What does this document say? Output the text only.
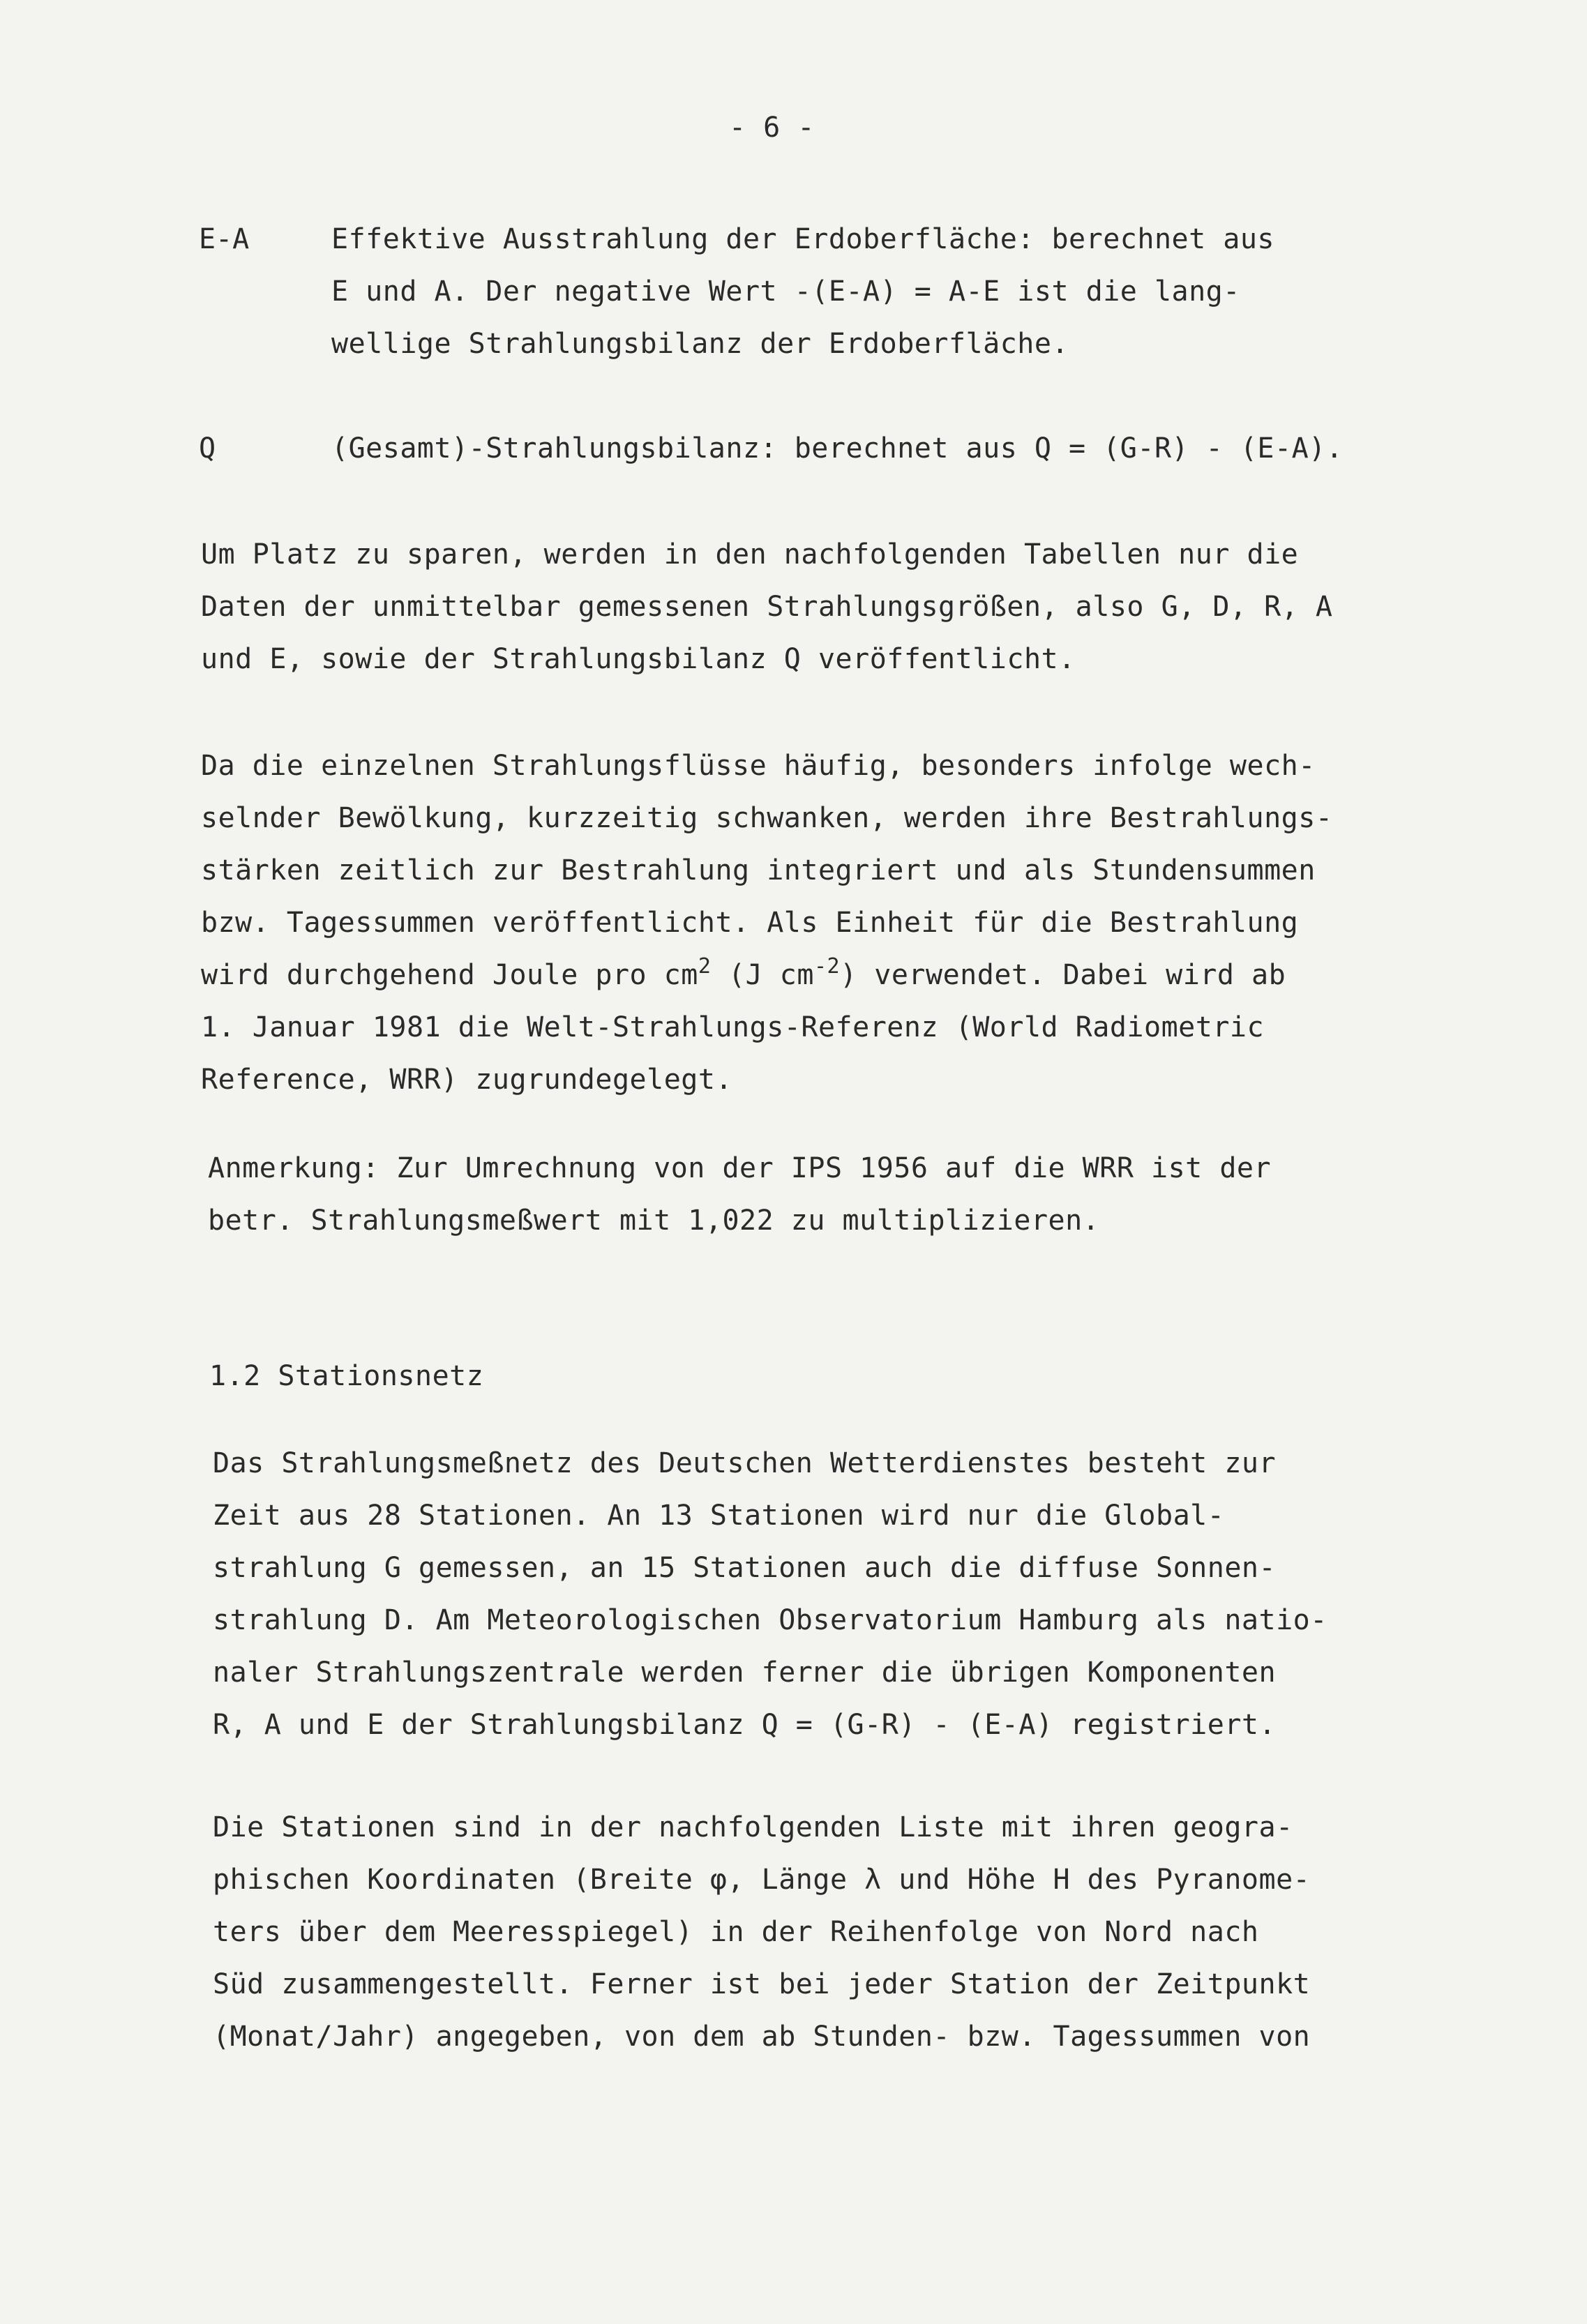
- 6 -
E-A	Effektive Ausstrahlung der Erdoberfläche: berechnet aus
E und A. Der negative Wert -(E-A) = A-E ist die lang-
wellige Strahlungsbilanz der Erdoberfläche.
Q	(Gesamt)-Strahlungsbilanz: berechnet aus Q = (G-R) - (E-A).
Um Platz zu sparen, werden in den nachfolgenden Tabellen nur die
Daten der unmittelbar gemessenen Strahlungsgrößen, also G, D, R, A
und E, sowie der Strahlungsbilanz Q veröffentlicht.
Da die einzelnen Strahlungsflüsse häufig, besonders infolge wech-
selnder Bewölkung, kurzzeitig schwanken, werden ihre Bestrahlungs-
stärken zeitlich zur Bestrahlung integriert und als Stundensummen
bzw. Tagessummen veröffentlicht. Als Einheit für die Bestrahlung
wird durchgehend Joule pro $cm^2$ (J $cm^{-2}$) verwendet. Dabei wird ab
1. Januar 1981 die Welt-Strahlungs-Referenz (World Radiometric
Reference, WRR) zugrundegelegt.
Anmerkung: Zur Umrechnung von der IPS 1956 auf die WRR ist der
betr. Strahlungsmeßwert mit 1,022 zu multiplizieren.
1.2 Stationsnetz
Das Strahlungsmeßnetz des Deutschen Wetterdienstes besteht zur
Zeit aus 28 Stationen. An 13 Stationen wird nur die Global-
strahlung G gemessen, an 15 Stationen auch die diffuse Sonnen-
strahlung D. Am Meteorologischen Observatorium Hamburg als natio-
naler Strahlungszentrale werden ferner die übrigen Komponenten
R, A und E der Strahlungsbilanz Q = (G-R) - (E-A) registriert.
Die Stationen sind in der nachfolgenden Liste mit ihren geogra-
phischen Koordinaten (Breite φ, Länge λ und Höhe H des Pyranome-
ters über dem Meeresspiegel) in der Reihenfolge von Nord nach
Süd zusammengestellt. Ferner ist bei jeder Station der Zeitpunkt
(Monat/Jahr) angegeben, von dem ab Stunden- bzw. Tagessummen von
